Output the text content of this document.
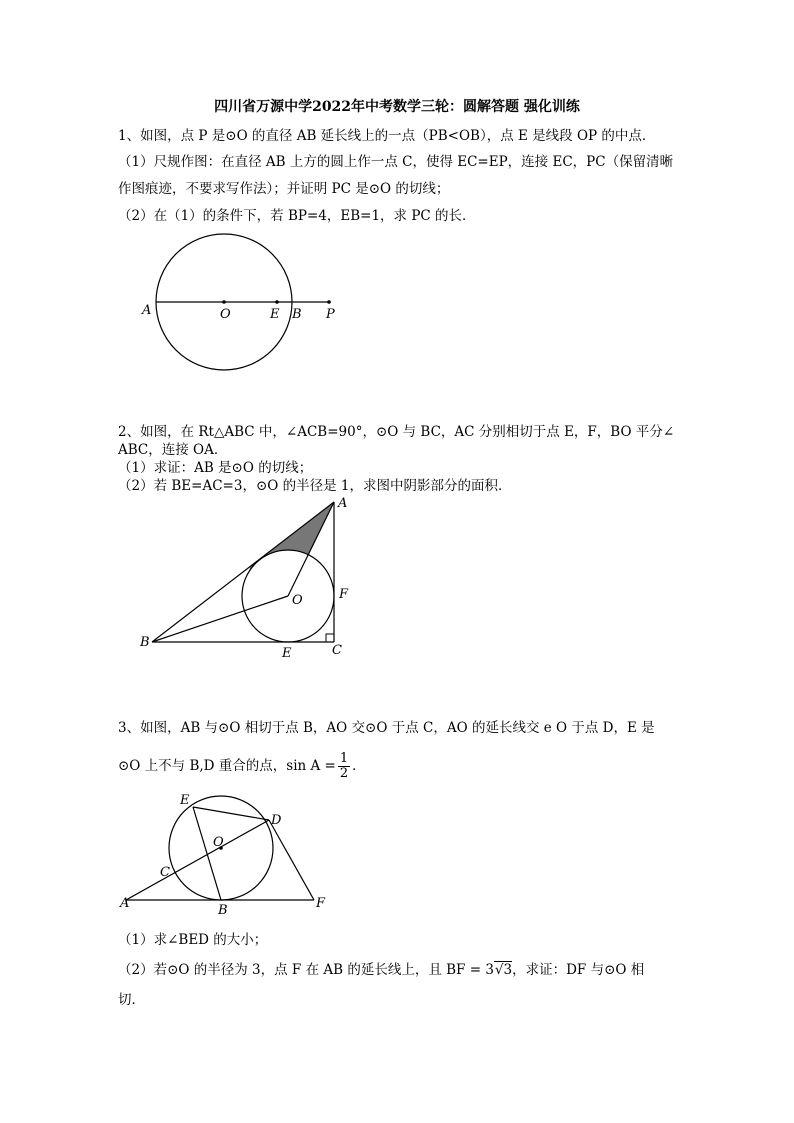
四川省万源中学2022年中考数学三轮：圆解答题 强化训练
1、如图，点 P 是⊙O 的直径 AB 延长线上的一点（PB<OB），点 E 是线段 OP 的中点．
（1）尺规作图：在直径 AB 上方的圆上作一点 C，使得 EC=EP，连接 EC，PC（保留清晰
作图痕迹，不要求写作法）；并证明 PC 是⊙O 的切线；
（2）在（1）的条件下，若 BP=4，EB=1，求 PC 的长．
A	O	E B P
2、如图，在 Rt△ABC 中，∠ACB=90°，⊙O 与 BC，AC 分别相切于点 E，F，BO 平分∠
ABC，连接 OA．
（1）求证：AB 是⊙O 的切线；
（2）若 BE=AC=3，⊙O 的半径是 1，求图中阴影部分的面积．
A
O	F
B
E	C
3、如图，AB 与⊙O 相切于点 B，AO 交⊙O 于点 C，AO 的延长线交 e O 于点 D，E 是
⊙O 上不与 B,D 重合的点，$\sin A = \frac{1}{2}$ ．
E
D
O
C
A	B	F
（1）求∠BED 的大小；
（2）若⊙O 的半径为 3，点 F 在 AB 的延长线上，且 BF = 3√3，求证：DF 与⊙O 相
切．
